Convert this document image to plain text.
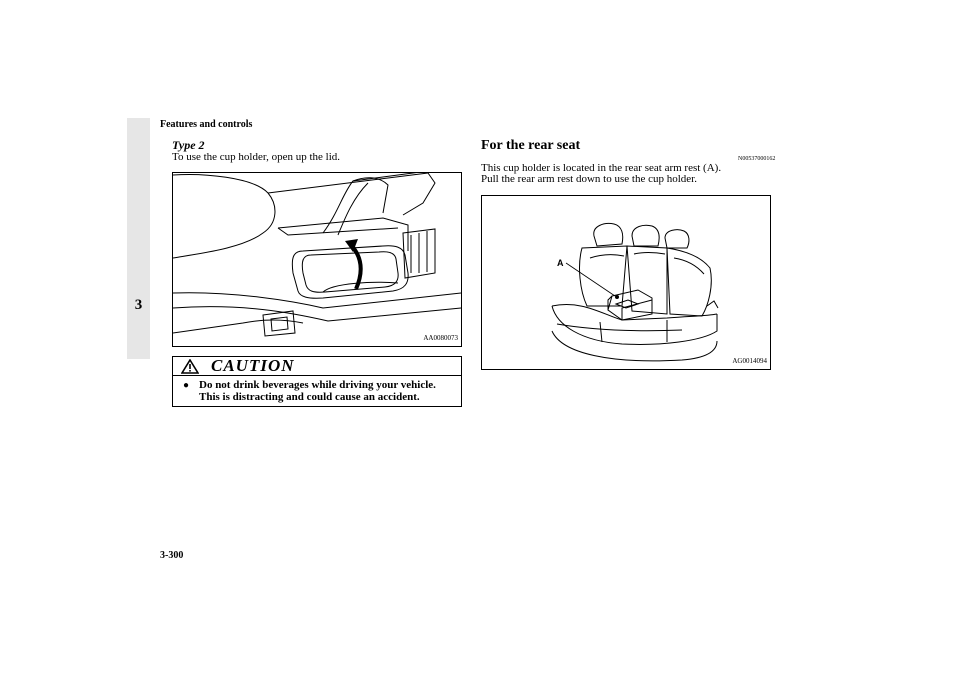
Features and controls
3
Type 2
To use the cup holder, open up the lid.
AA0080073
CAUTION
● Do not drink beverages while driving your vehicle.
This is distracting and could cause an accident.
For the rear seat
N00537000162
This cup holder is located in the rear seat arm rest (A).
Pull the rear arm rest down to use the cup holder.
A
AG0014094
3-300
